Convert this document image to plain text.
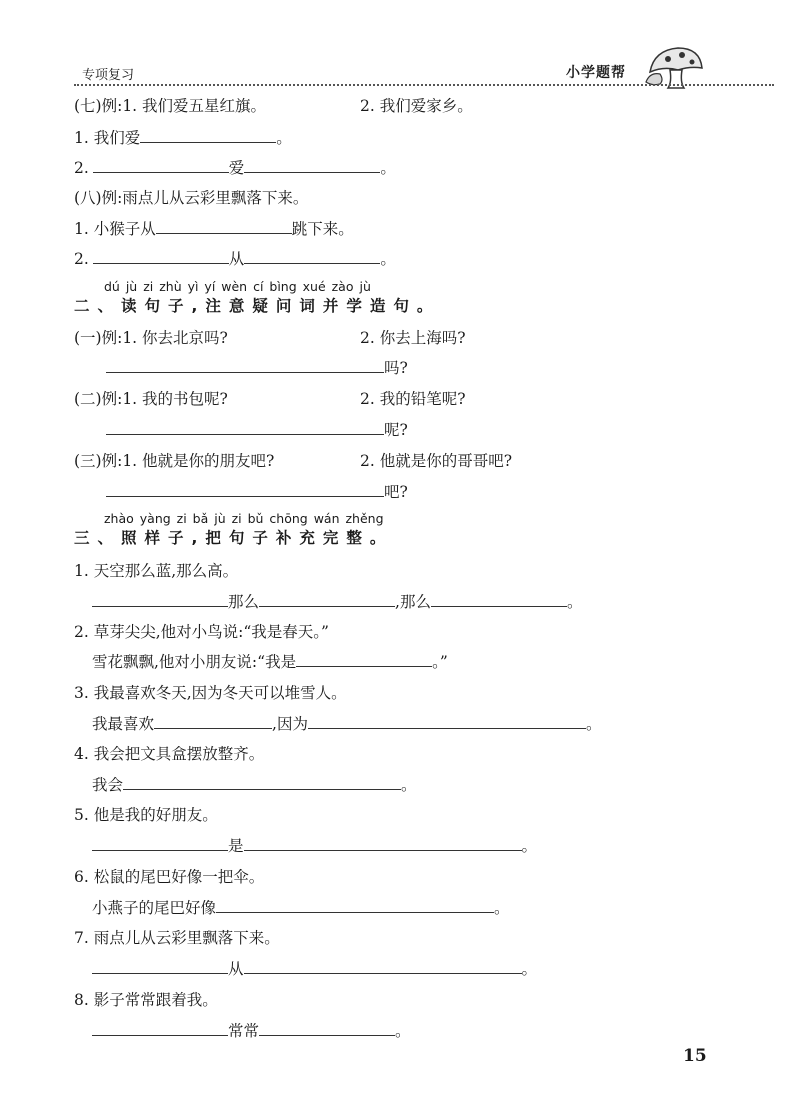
专项复习	小学题帮
(七)例:1. 我们爱五星红旗。	2. 我们爱家乡。
1. 我们爱	。
2.	爱	。
(八)例:雨点儿从云彩里飘落下来。
1. 小猴子从	跳下来。
2.	从	。
dú jù zi zhù yì yí wèn cí bìng xué zào jù
二、读句子,注意疑问词并学造句。
(一)例:1. 你去北京吗?	2. 你去上海吗?
吗?
(二)例:1. 我的书包呢?	2. 我的铅笔呢?
呢?
(三)例:1. 他就是你的朋友吧?	2. 他就是你的哥哥吧?
吧?
zhào yàng zi bǎ jù zi bǔ chōng wán zhěng
三、照样子,把句子补充完整。
1. 天空那么蓝,那么高。
那么	,那么	。
2. 草芽尖尖,他对小鸟说:“我是春天。”
雪花飘飘,他对小朋友说:“我是	。”
3. 我最喜欢冬天,因为冬天可以堆雪人。
我最喜欢	,因为	。
4. 我会把文具盒摆放整齐。
我会	。
5. 他是我的好朋友。
是	。
6. 松鼠的尾巴好像一把伞。
小燕子的尾巴好像	。
7. 雨点儿从云彩里飘落下来。
从	。
8. 影子常常跟着我。
常常	。
15
